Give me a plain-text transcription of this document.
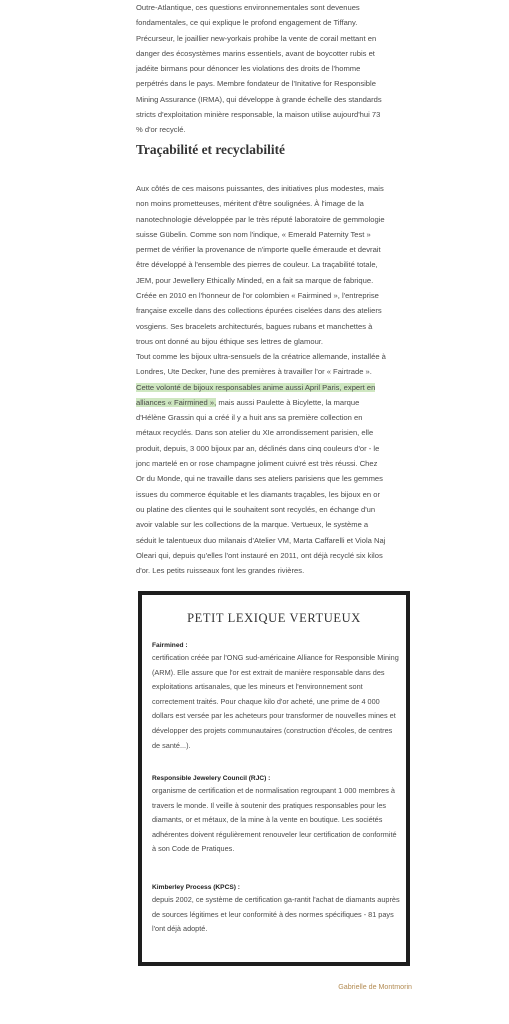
Outre-Atlantique, ces questions environnementales sont devenues fondamentales, ce qui explique le profond engagement de Tiffany. Précurseur, le joaillier new-yorkais prohibe la vente de corail mettant en danger des écosystèmes marins essentiels, avant de boycotter rubis et jadéite birmans pour dénoncer les violations des droits de l'homme perpétrés dans le pays. Membre fondateur de l'Initative for Responsible Mining Assurance (IRMA), qui développe à grande échelle des standards stricts d'exploitation minière responsable, la maison utilise aujourd'hui 73 % d'or recyclé.

Traçabilité et recyclabilité

Aux côtés de ces maisons puissantes, des initiatives plus modestes, mais non moins prometteuses, méritent d'être soulignées. À l'image de la nanotechnologie développée par le très réputé laboratoire de gemmologie suisse Gübelin. Comme son nom l'indique, « Emerald Paternity Test » permet de vérifier la provenance de n'importe quelle émeraude et devrait être développé à l'ensemble des pierres de couleur. La traçabilité totale, JEM, pour Jewellery Ethically Minded, en a fait sa marque de fabrique. Créée en 2010 en l'honneur de l'or colombien « Fairmined », l'entreprise française excelle dans des collections épurées ciselées dans des ateliers vosgiens. Ses bracelets architecturés, bagues rubans et manchettes à trous ont donné au bijou éthique ses lettres de glamour.

Tout comme les bijoux ultra-sensuels de la créatrice allemande, installée à Londres, Ute Decker, l'une des premières à travailler l'or « Fairtrade ». Cette volonté de bijoux responsables anime aussi April Paris, expert en alliances « Fairmined », mais aussi Paulette à Bicylette, la marque d'Hélène Grassin qui a créé il y a huit ans sa première collection en métaux recyclés. Dans son atelier du XIe arrondissement parisien, elle produit, depuis, 3 000 bijoux par an, déclinés dans cinq couleurs d'or - le jonc martelé en or rose champagne joliment cuivré est très réussi. Chez Or du Monde, qui ne travaille dans ses ateliers parisiens que les gemmes issues du commerce équitable et les diamants traçables, les bijoux en or ou platine des clientes qui le souhaitent sont recyclés, en échange d'un avoir valable sur les collections de la marque. Vertueux, le système a séduit le talentueux duo milanais d'Atelier VM, Marta Caffarelli et Viola Naj Oleari qui, depuis qu'elles l'ont instauré en 2011, ont déjà recyclé six kilos d'or. Les petits ruisseaux font les grandes rivières.

PETIT LEXIQUE VERTUEUX
Fairmined :

certification créée par l'ONG sud-américaine Alliance for Responsible Mining (ARM). Elle assure que l'or est extrait de manière responsable dans des exploitations artisanales, que les mineurs et l'environnement sont correctement traités. Pour chaque kilo d'or acheté, une prime de 4 000 dollars est versée par les acheteurs pour transformer de nouvelles mines et développer des projets communautaires (construction d'écoles, de centres de santé...).

Responsible Jewelery Council (RJC) :

organisme de certification et de normalisation regroupant 1 000 membres à travers le monde. Il veille à soutenir des pratiques responsables pour les diamants, or et métaux, de la mine à la vente en boutique. Les sociétés adhérentes doivent régulièrement renouveler leur certification de conformité à son Code de Pratiques.

Kimberley Process (KPCS) :

depuis 2002, ce système de certification ga-rantit l'achat de diamants auprès de sources légitimes et leur conformité à des normes spécifiques - 81 pays l'ont déjà adopté.

Gabrielle de Montmorin
